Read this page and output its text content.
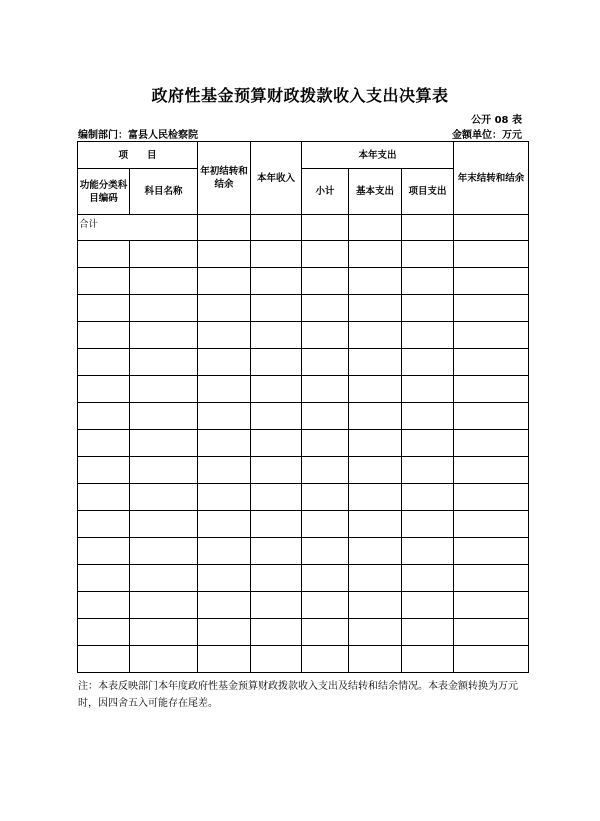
政府性基金预算财政拨款收入支出决算表
公开 08 表
编制部门：富县人民检察院	金额单位：万元
项　　目		年初结转和结余	本年收入	本年支出			年末结转和结余
功能分类科目编码	科目名称			小计	基本支出	项目支出	
合计							

注：本表反映部门本年度政府性基金预算财政拨款收入支出及结转和结余情况。本表金额转换为万元时，因四舍五入可能存在尾差。
